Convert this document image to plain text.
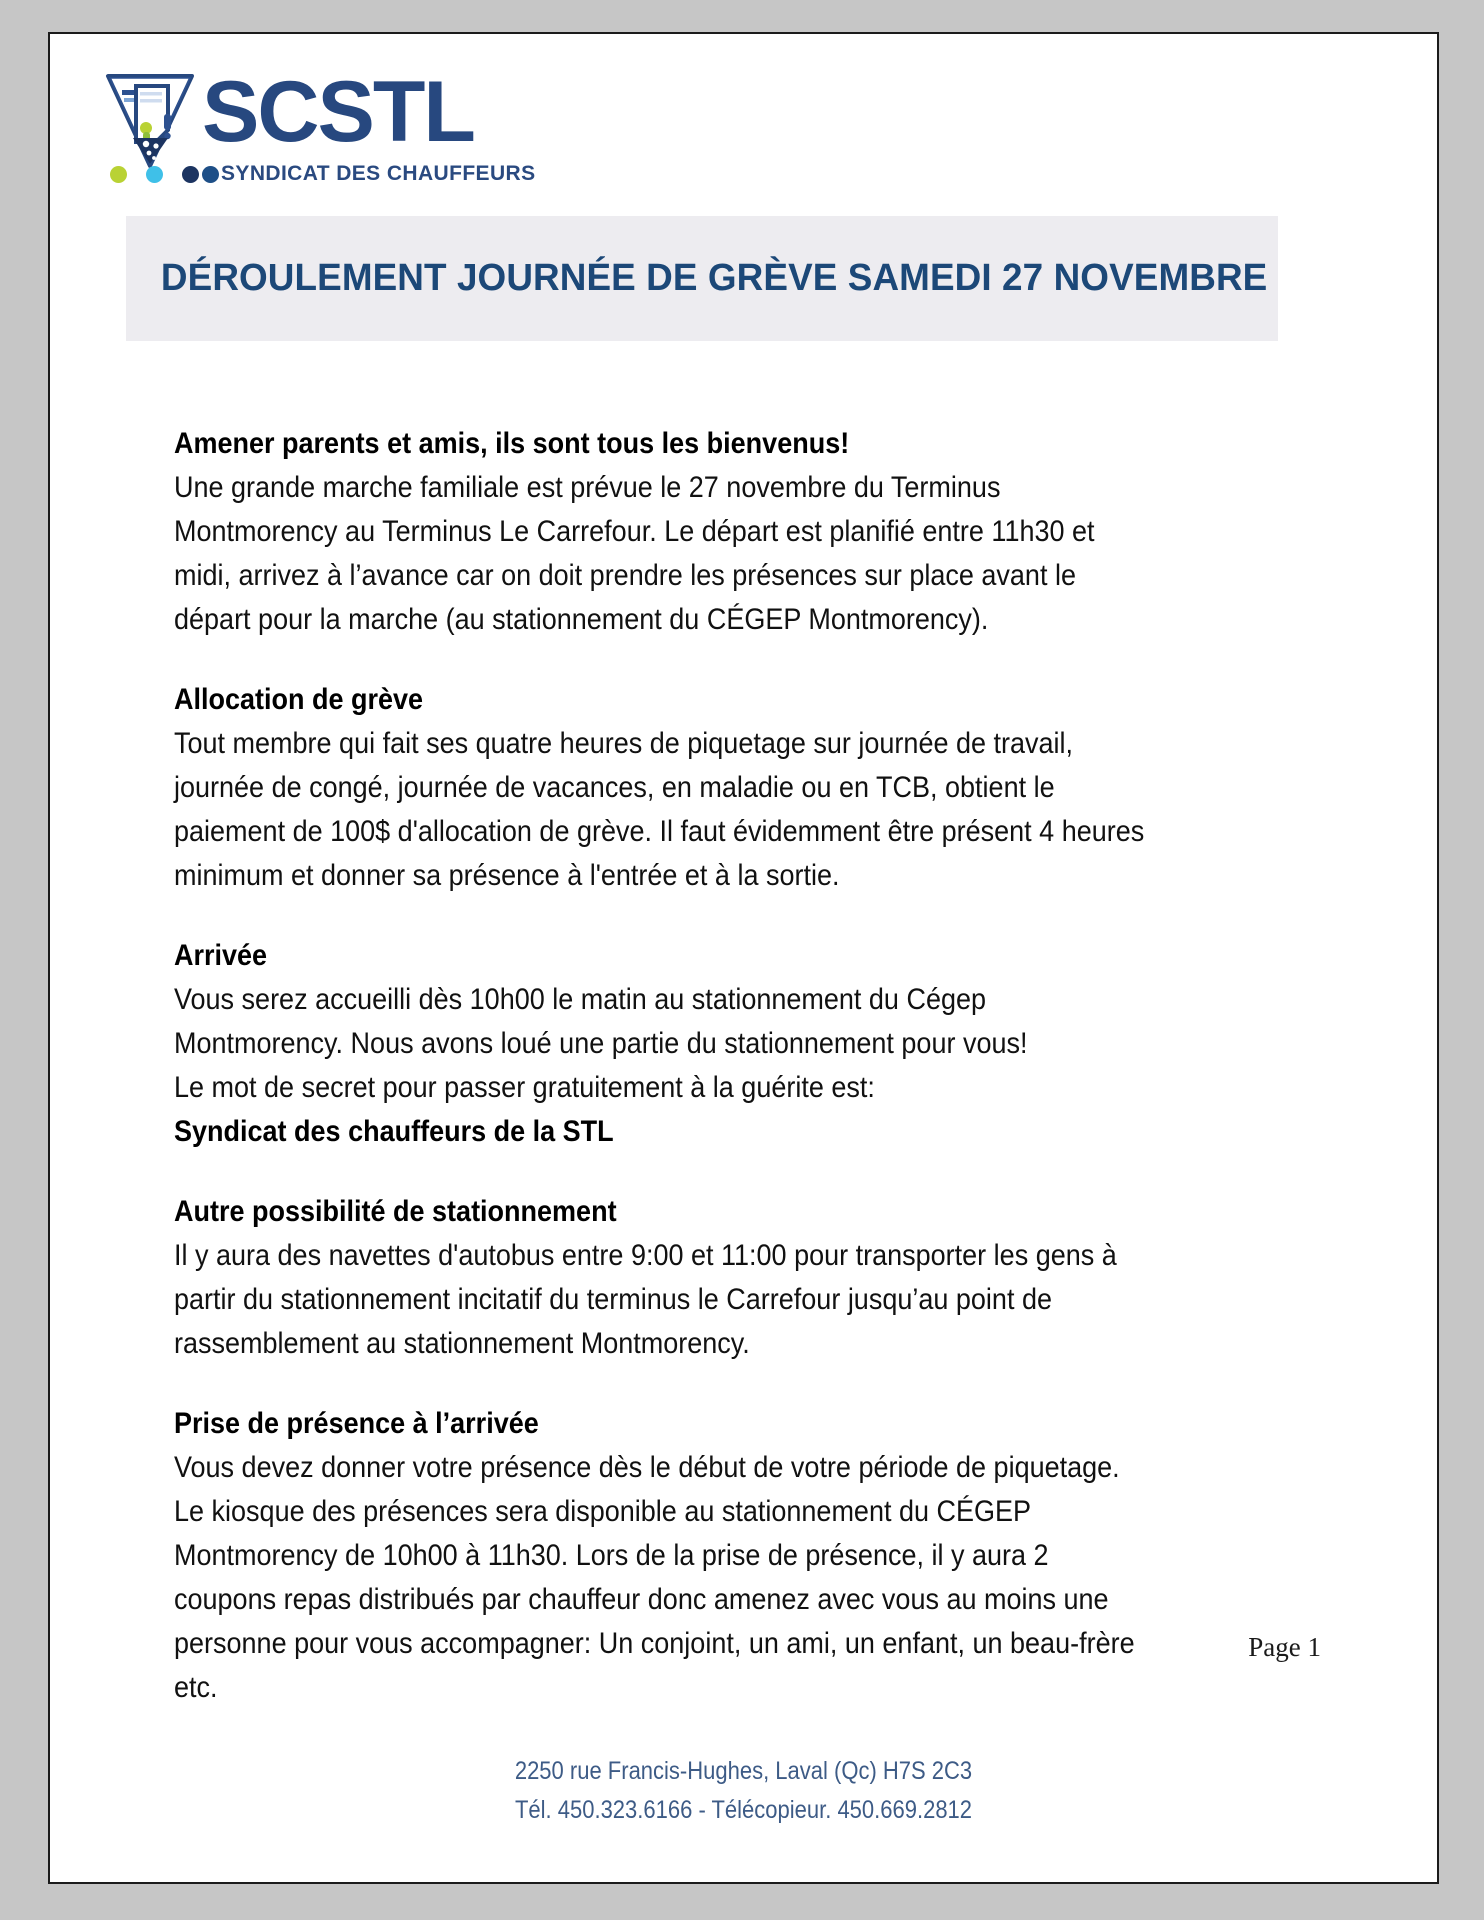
SCSTL
SYNDICAT DES CHAUFFEURS
DÉROULEMENT JOURNÉE DE GRÈVE SAMEDI 27 NOVEMBRE
Amener parents et amis, ils sont tous les bienvenus!
Une grande marche familiale est prévue le 27 novembre du Terminus
Montmorency au Terminus Le Carrefour. Le départ est planifié entre 11h30 et
midi, arrivez à l’avance car on doit prendre les présences sur place avant le
départ pour la marche (au stationnement du CÉGEP Montmorency).
Allocation de grève
Tout membre qui fait ses quatre heures de piquetage sur journée de travail,
journée de congé, journée de vacances, en maladie ou en TCB, obtient le
paiement de 100$ d'allocation de grève. Il faut évidemment être présent 4 heures
minimum et donner sa présence à l'entrée et à la sortie.
Arrivée
Vous serez accueilli dès 10h00 le matin au stationnement du Cégep
Montmorency. Nous avons loué une partie du stationnement pour vous!
Le mot de secret pour passer gratuitement à la guérite est:
Syndicat des chauffeurs de la STL
Autre possibilité de stationnement
Il y aura des navettes d'autobus entre 9:00 et 11:00 pour transporter les gens à
partir du stationnement incitatif du terminus le Carrefour jusqu’au point de
rassemblement au stationnement Montmorency.
Prise de présence à l’arrivée
Vous devez donner votre présence dès le début de votre période de piquetage.
Le kiosque des présences sera disponible au stationnement du CÉGEP
Montmorency de 10h00 à 11h30. Lors de la prise de présence, il y aura 2
coupons repas distribués par chauffeur donc amenez avec vous au moins une
personne pour vous accompagner: Un conjoint, un ami, un enfant, un beau-frère
etc.
Page 1
2250 rue Francis-Hughes, Laval (Qc) H7S 2C3
Tél. 450.323.6166 - Télécopieur. 450.669.2812
